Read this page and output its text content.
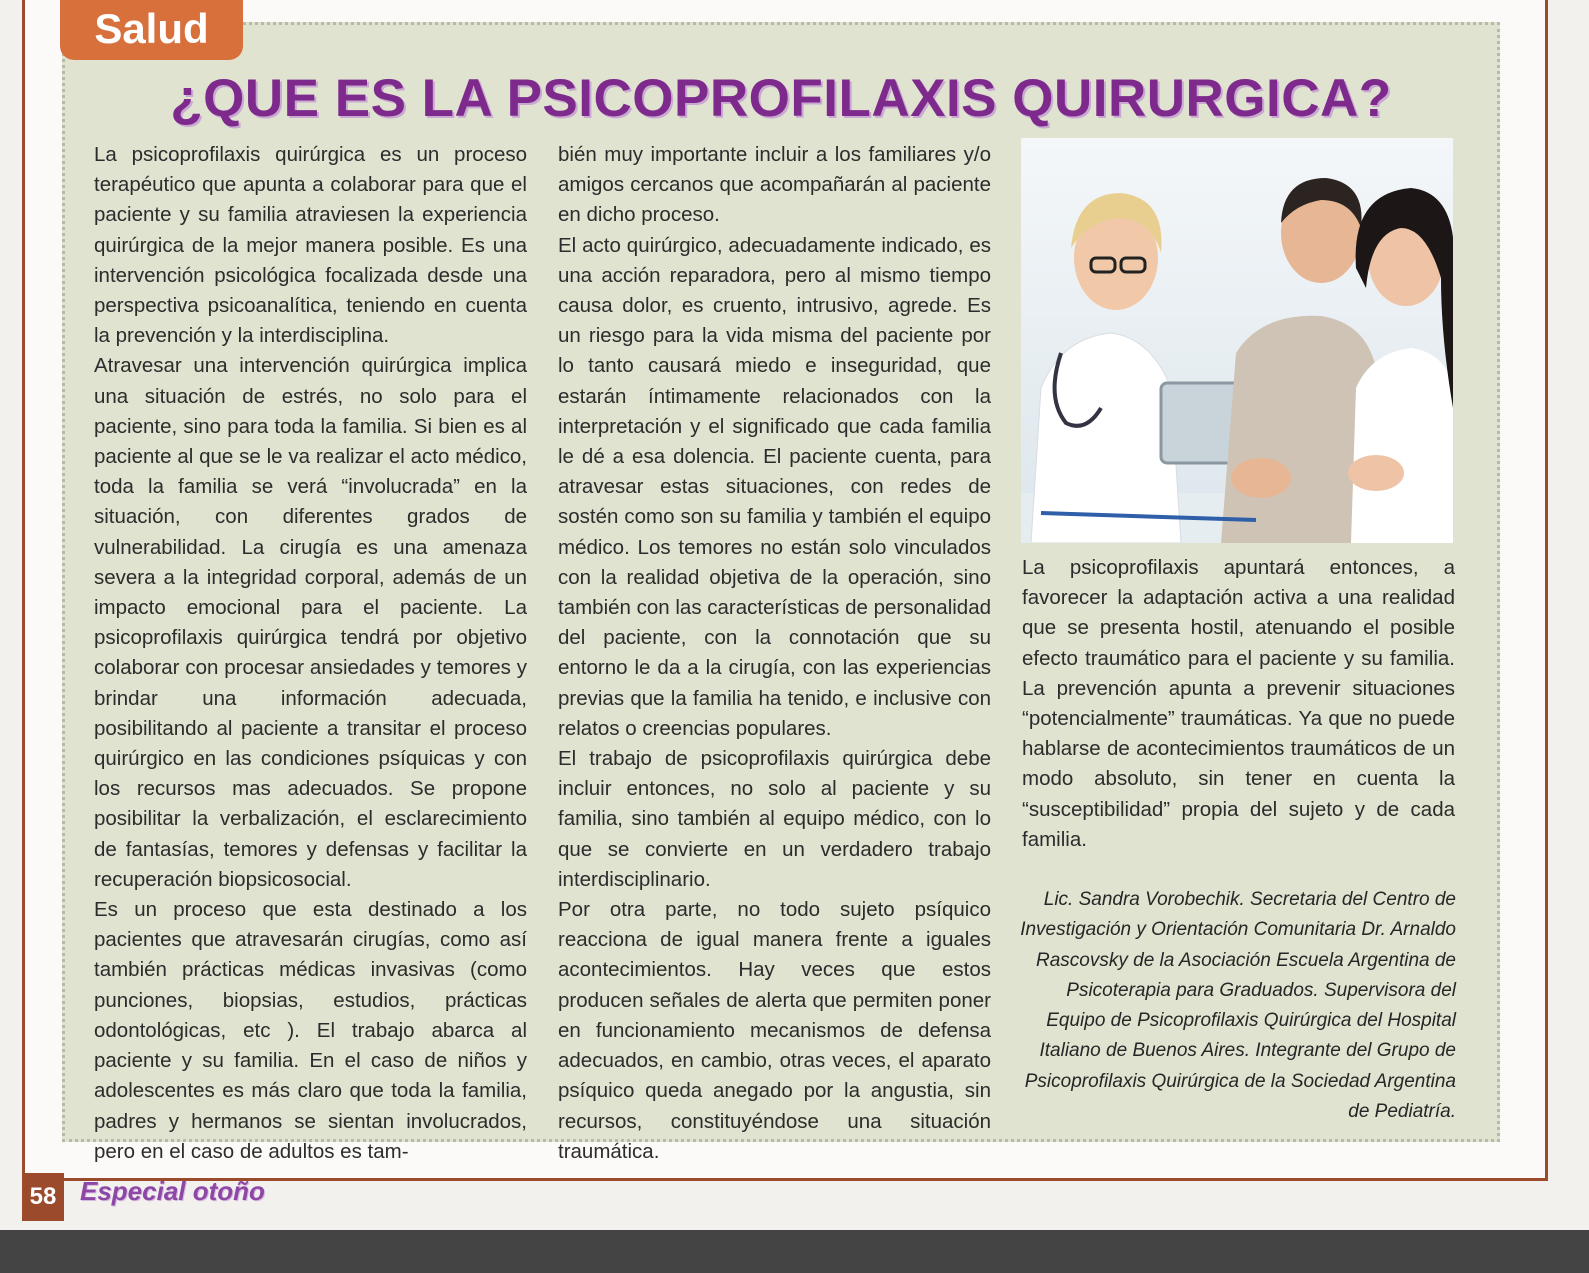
Salud
¿QUE ES LA PSICOPROFILAXIS QUIRURGICA?

La psicoprofilaxis quirúrgica es un proceso terapéutico que apunta a colaborar para que el paciente y su familia atraviesen la experiencia quirúrgica de la mejor manera posible. Es una intervención psicológica focalizada desde una perspectiva psicoanalítica, teniendo en cuenta la prevención y la interdisciplina.

Atravesar una intervención quirúrgica implica una situación de estrés, no solo para el paciente, sino para toda la familia. Si bien es al paciente al que se le va realizar el acto médico, toda la familia se verá “involucrada” en la situación, con diferentes grados de vulnerabilidad. La cirugía es una amenaza severa a la integridad corporal, además de un impacto emocional para el paciente. La psicoprofilaxis quirúrgica tendrá por objetivo colaborar con procesar ansiedades y temores y brindar una información adecuada, posibilitando al paciente a transitar el proceso quirúrgico en las condiciones psíquicas y con los recursos mas adecuados. Se propone posibilitar la verbalización, el esclarecimiento de fantasías, temores y defensas y facilitar la recuperación biopsicosocial.

Es un proceso que esta destinado a los pacientes que atravesarán cirugías, como así también prácticas médicas invasivas (como punciones, biopsias, estudios, prácticas odontológicas, etc ). El trabajo abarca al paciente y su familia. En el caso de niños y adolescentes es más claro que toda la familia, padres y hermanos se sientan involucrados, pero en el caso de adultos es tam-

bién muy importante incluir a los familiares y/o amigos cercanos que acompañarán al paciente en dicho proceso.

El acto quirúrgico, adecuadamente indicado, es una acción reparadora, pero al mismo tiempo causa dolor, es cruento, intrusivo, agrede. Es un riesgo para la vida misma del paciente por lo tanto causará miedo e inseguridad, que estarán íntimamente relacionados con la interpretación y el significado que cada familia le dé a esa dolencia. El paciente cuenta, para atravesar estas situaciones, con redes de sostén como son su familia y también el equipo médico. Los temores no están solo vinculados con la realidad objetiva de la operación, sino también con las características de personalidad del paciente, con la connotación que su entorno le da a la cirugía, con las experiencias previas que la familia ha tenido, e inclusive con relatos o creencias populares.

El trabajo de psicoprofilaxis quirúrgica debe incluir entonces, no solo al paciente y su familia, sino también al equipo médico, con lo que se convierte en un verdadero trabajo interdisciplinario.

Por otra parte, no todo sujeto psíquico reacciona de igual manera frente a iguales acontecimientos. Hay veces que estos producen señales de alerta que permiten poner en funcionamiento mecanismos de defensa adecuados, en cambio, otras veces, el aparato psíquico queda anegado por la angustia, sin recursos, constituyéndose una situación traumática.

La psicoprofilaxis apuntará entonces, a favorecer la adaptación activa a una realidad que se presenta hostil, atenuando el posible efecto traumático para el paciente y su familia. La prevención apunta a prevenir situaciones “potencialmente” traumáticas. Ya que no puede hablarse de acontecimientos traumáticos de un modo absoluto, sin tener en cuenta la “susceptibilidad” propia del sujeto y de cada familia.

Lic. Sandra Vorobechik. Secretaria del Centro de Investigación y Orientación Comunitaria Dr. Arnaldo Rascovsky de la Asociación Escuela Argentina de Psicoterapia para Graduados. Supervisora del Equipo de Psicoprofilaxis Quirúrgica del Hospital Italiano de Buenos Aires. Integrante del Grupo de Psicoprofilaxis Quirúrgica de la Sociedad Argentina de Pediatría.
58 Especial otoño
